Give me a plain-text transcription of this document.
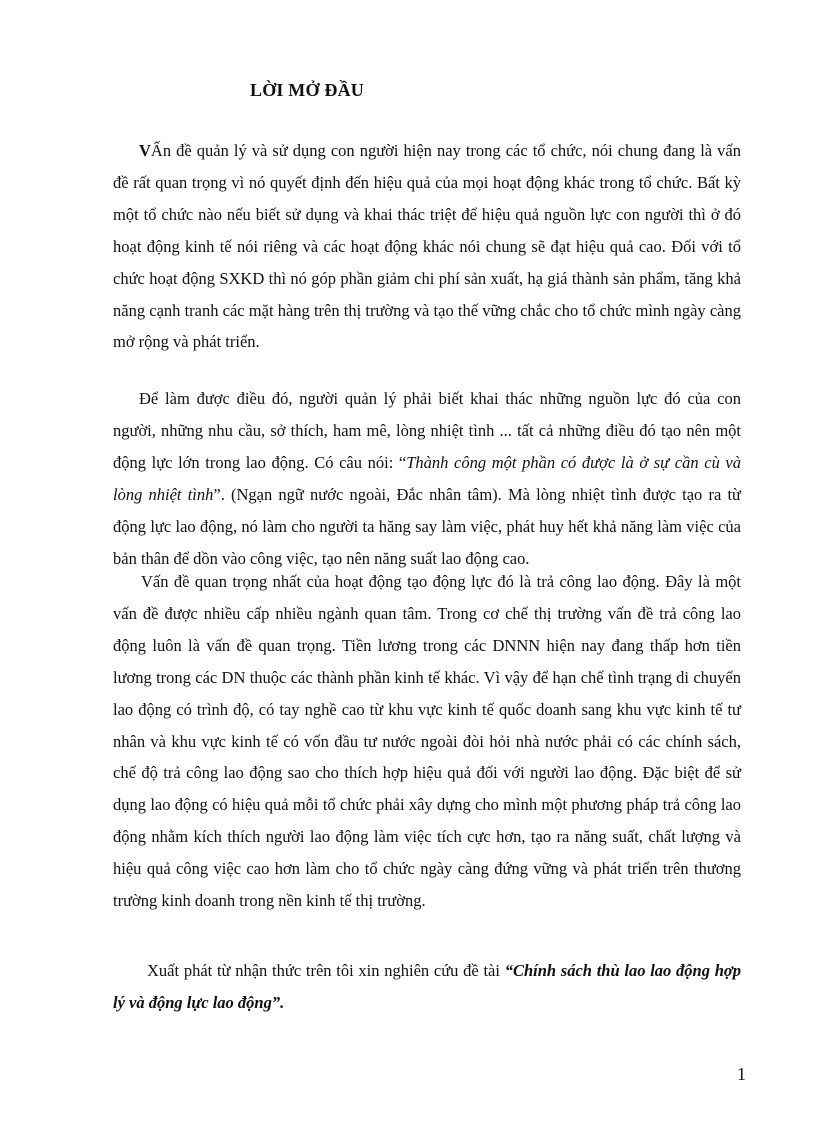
LỜI MỞ ĐẦU

VẤn đề quản lý và sử dụng con người hiện nay trong các tổ chức, nói chung đang là vấn đề rất quan trọng vì nó quyết định đến hiệu quả của mọi hoạt động khác trong tổ chức. Bất kỳ một tổ chức nào nếu biết sử dụng và khai thác triệt để hiệu quả nguồn lực con người thì ở đó hoạt động kinh tế nói riêng và các hoạt động khác nói chung sẽ đạt hiệu quả cao. Đối với tổ chức hoạt động SXKD thì nó góp phần giảm chi phí sản xuất, hạ giá thành sản phẩm, tăng khả năng cạnh tranh các mặt hàng trên thị trường và tạo thế vững chắc cho tổ chức mình ngày càng mở rộng và phát triển.

Để làm được điều đó, người quản lý phải biết khai thác những nguồn lực đó của con người, những nhu cầu, sở thích, ham mê, lòng nhiệt tình ... tất cả những điều đó tạo nên một động lực lớn trong lao động. Có câu nói: “Thành công một phần có được là ở sự cần cù và lòng nhiệt tình”. (Ngạn ngữ nước ngoài, Đắc nhân tâm). Mà lòng nhiệt tình được tạo ra từ động lực lao động, nó làm cho người ta hăng say làm việc, phát huy hết khả năng làm việc của bản thân để dồn vào công việc, tạo nên năng suất lao động cao.

Vấn đề quan trọng nhất của hoạt động tạo động lực đó là trả công lao động. Đây là một vấn đề được nhiều cấp nhiều ngành quan tâm. Trong cơ chế thị trường vấn đề trả công lao động luôn là vấn đề quan trọng. Tiền lương trong các DNNN hiện nay đang thấp hơn tiền lương trong các DN thuộc các thành phần kinh tế khác. Vì vậy để hạn chế tình trạng di chuyển lao động có trình độ, có tay nghề cao từ khu vực kinh tế quốc doanh sang khu vực kinh tế tư nhân và khu vực kinh tế có vốn đầu tư nước ngoài đòi hỏi nhà nước phải có các chính sách, chế độ trả công lao động sao cho thích hợp hiệu quả đối với người lao động. Đặc biệt để sử dụng lao động có hiệu quả mỗi tổ chức phải xây dựng cho mình một phương pháp trả công lao động nhằm kích thích người lao động làm việc tích cực hơn, tạo ra năng suất, chất lượng và hiệu quả công việc cao hơn làm cho tổ chức ngày càng đứng vững và phát triển trên thương trường kinh doanh trong nền kinh tế thị trường.

Xuất phát từ nhận thức trên tôi xin nghiên cứu đề tài “Chính sách thù lao lao động hợp lý và động lực lao động”.

1
